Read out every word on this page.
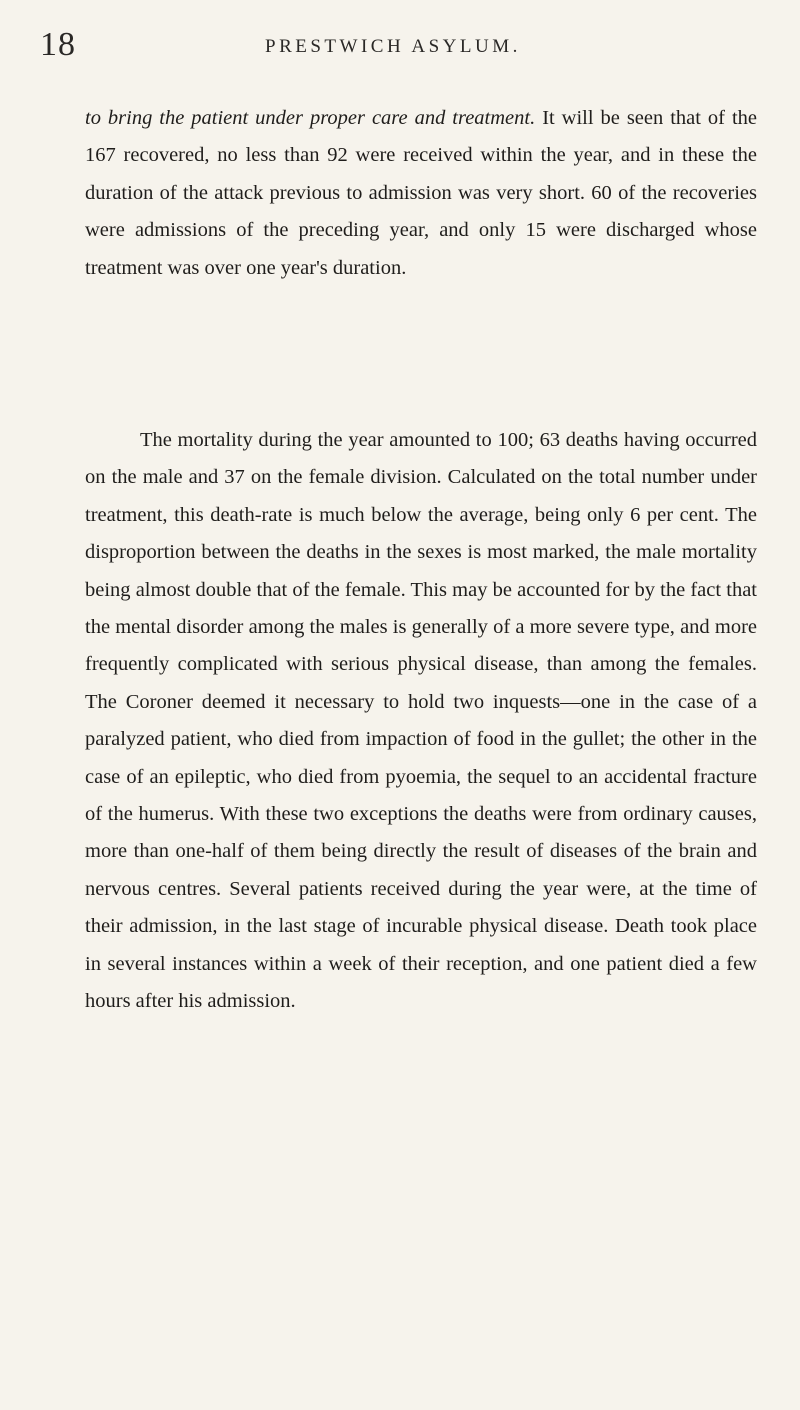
18	PRESTWICH ASYLUM.

to bring the patient under proper care and treatment. It will be seen that of the 167 recovered, no less than 92 were received within the year, and in these the duration of the attack previous to admission was very short. 60 of the recoveries were admissions of the preceding year, and only 15 were discharged whose treatment was over one year's duration.

The mortality during the year amounted to 100; 63 deaths having occurred on the male and 37 on the female division. Calculated on the total number under treatment, this death-rate is much below the average, being only 6 per cent. The disproportion between the deaths in the sexes is most marked, the male mortality being almost double that of the female. This may be accounted for by the fact that the mental disorder among the males is generally of a more severe type, and more frequently complicated with serious physical disease, than among the females. The Coroner deemed it necessary to hold two inquests—one in the case of a paralyzed patient, who died from impaction of food in the gullet; the other in the case of an epileptic, who died from pyoemia, the sequel to an accidental fracture of the humerus. With these two exceptions the deaths were from ordinary causes, more than one-half of them being directly the result of diseases of the brain and nervous centres. Several patients received during the year were, at the time of their admission, in the last stage of incurable physical disease. Death took place in several instances within a week of their reception, and one patient died a few hours after his admission.
